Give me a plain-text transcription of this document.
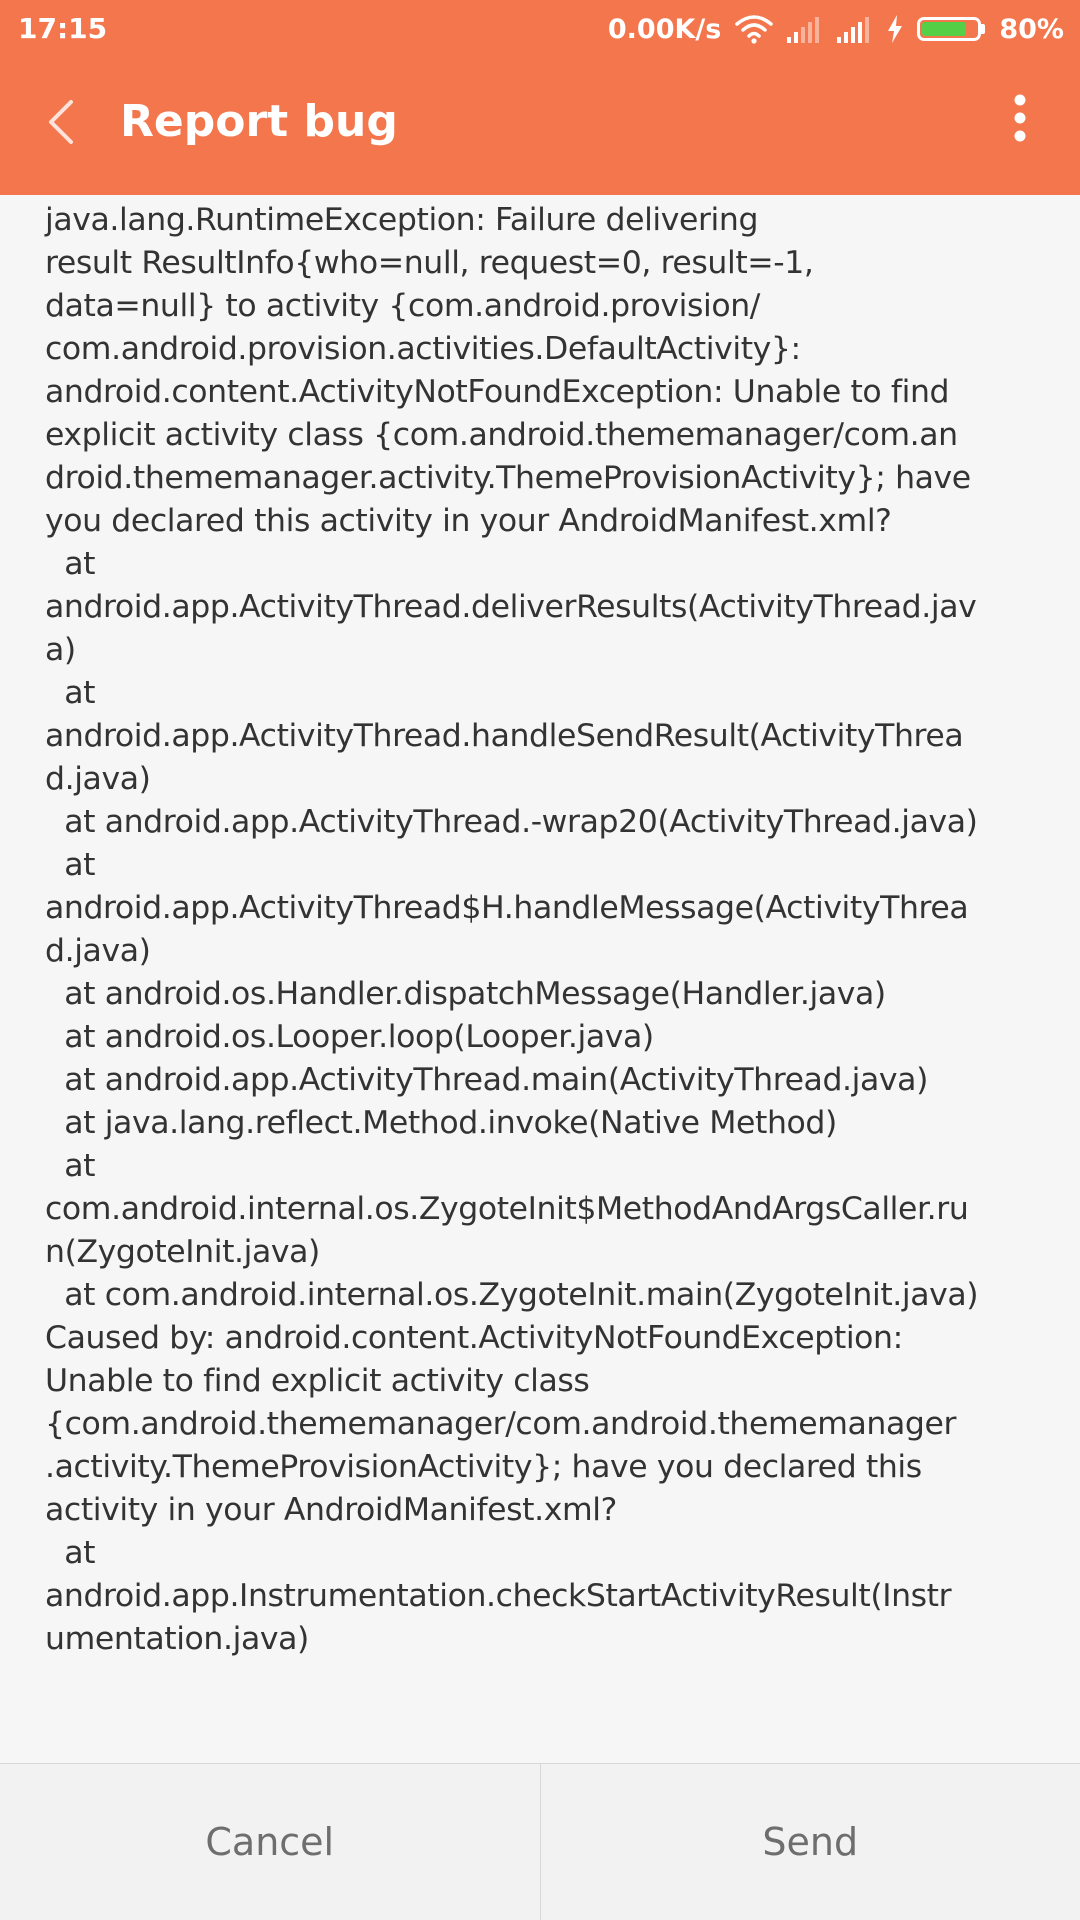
17:15	0.00K/s	80%
Report bug
java.lang.RuntimeException: Failure delivering
result ResultInfo{who=null, request=0, result=-1,
data=null} to activity {com.android.provision/
com.android.provision.activities.DefaultActivity}:
android.content.ActivityNotFoundException: Unable to find
explicit activity class {com.android.thememanager/com.an
droid.thememanager.activity.ThemeProvisionActivity}; have
you declared this activity in your AndroidManifest.xml?
at
android.app.ActivityThread.deliverResults(ActivityThread.jav
a)
at
android.app.ActivityThread.handleSendResult(ActivityThrea
d.java)
at android.app.ActivityThread.-wrap20(ActivityThread.java)
at
android.app.ActivityThread$H.handleMessage(ActivityThrea
d.java)
at android.os.Handler.dispatchMessage(Handler.java)
at android.os.Looper.loop(Looper.java)
at android.app.ActivityThread.main(ActivityThread.java)
at java.lang.reflect.Method.invoke(Native Method)
at
com.android.internal.os.ZygoteInit$MethodAndArgsCaller.ru
n(ZygoteInit.java)
at com.android.internal.os.ZygoteInit.main(ZygoteInit.java)
Caused by: android.content.ActivityNotFoundException:
Unable to find explicit activity class
{com.android.thememanager/com.android.thememanager
.activity.ThemeProvisionActivity}; have you declared this
activity in your AndroidManifest.xml?
at
android.app.Instrumentation.checkStartActivityResult(Instr
umentation.java)
Cancel	Send
